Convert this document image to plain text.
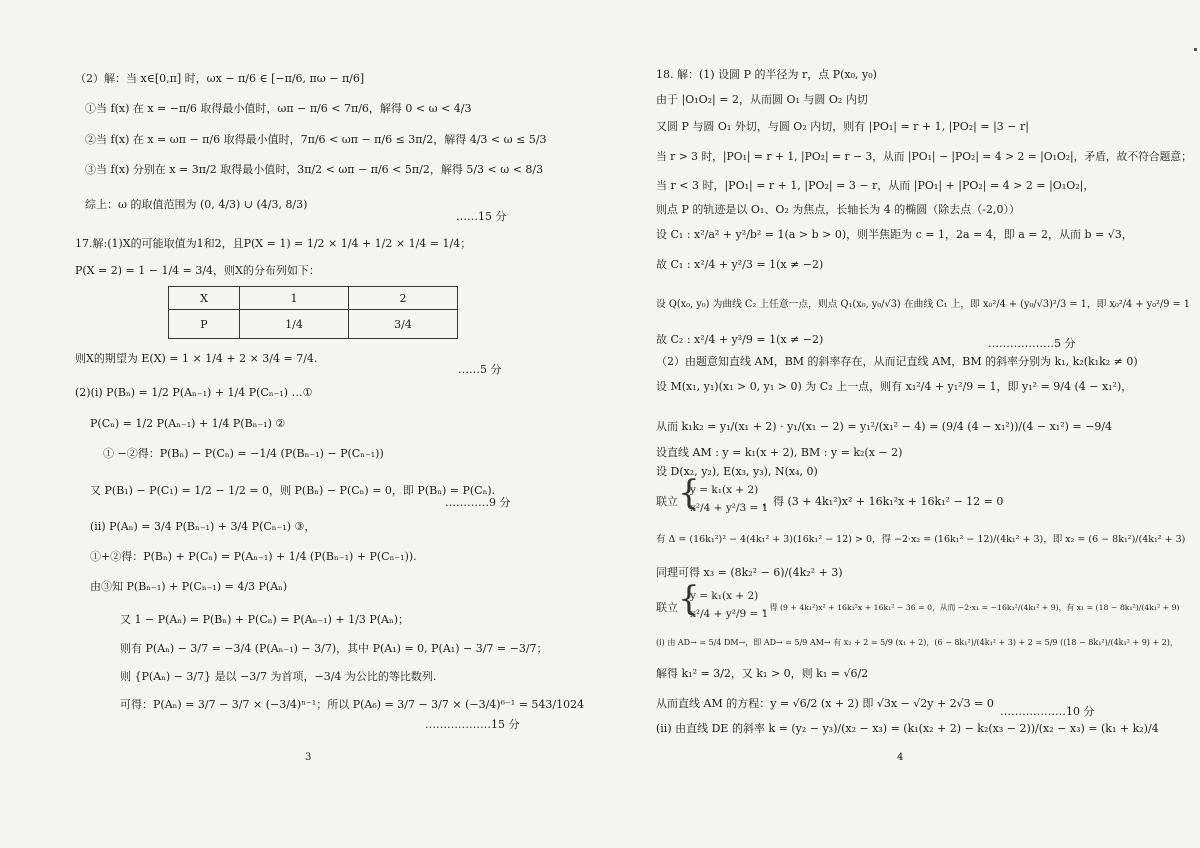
（2）解：当 x∈[0,π] 时，ωx − π/6 ∈ [−π/6, πω − π/6]
①当 f(x) 在 x = −π/6 取得最小值时，ωπ − π/6 < 7π/6，解得 0 < ω < 4/3
②当 f(x) 在 x = ωπ − π/6 取得最小值时，7π/6 < ωπ − π/6 ≤ 3π/2，解得 4/3 < ω ≤ 5/3
③当 f(x) 分别在 x = 3π/2 取得最小值时，3π/2 < ωπ − π/6 < 5π/2，解得 5/3 < ω < 8/3
综上：ω 的取值范围为 (0, 4/3) ∪ (4/3, 8/3)
……15 分
17.解:(1)X的可能取值为1和2，且P(X = 1) = 1/2 × 1/4 + 1/2 × 1/4 = 1/4；
P(X = 2) = 1 − 1/4 = 3/4，则X的分布列如下：
X	1	2
P	1/4	3/4
则X的期望为 E(X) = 1 × 1/4 + 2 × 3/4 = 7/4.
……5 分
(2)(i) P(Bₙ) = 1/2 P(Aₙ₋₁) + 1/4 P(Cₙ₋₁) …①
P(Cₙ) = 1/2 P(Aₙ₋₁) + 1/4 P(Bₙ₋₁) ②
① −②得：P(Bₙ) − P(Cₙ) = −1/4 (P(Bₙ₋₁) − P(Cₙ₋₁))
又 P(B₁) − P(C₁) = 1/2 − 1/2 = 0，则 P(Bₙ) − P(Cₙ) = 0，即 P(Bₙ) = P(Cₙ).
…………9 分
(ii) P(Aₙ) = 3/4 P(Bₙ₋₁) + 3/4 P(Cₙ₋₁) ③，
①+②得：P(Bₙ) + P(Cₙ) = P(Aₙ₋₁) + 1/4 (P(Bₙ₋₁) + P(Cₙ₋₁)).
由③知 P(Bₙ₋₁) + P(Cₙ₋₁) = 4/3 P(Aₙ)
又 1 − P(Aₙ) = P(Bₙ) + P(Cₙ) = P(Aₙ₋₁) + 1/3 P(Aₙ)；
则有 P(Aₙ) − 3/7 = −3/4 (P(Aₙ₋₁) − 3/7)，其中 P(A₁) = 0, P(A₁) − 3/7 = −3/7；
则 {P(Aₙ) − 3/7} 是以 −3/7 为首项，−3/4 为公比的等比数列.
可得：P(Aₙ) = 3/7 − 3/7 × (−3/4)ⁿ⁻¹；所以 P(A₆) = 3/7 − 3/7 × (−3/4)⁶⁻¹ = 543/1024
………………15 分
3
18. 解：(1) 设圆 P 的半径为 r，点 P(x₀, y₀)
由于 |O₁O₂| = 2，从而圆 O₁ 与圆 O₂ 内切
又圆 P 与圆 O₁ 外切，与圆 O₂ 内切，则有 |PO₁| = r + 1, |PO₂| = |3 − r|
当 r > 3 时，|PO₁| = r + 1, |PO₂| = r − 3，从而 |PO₁| − |PO₂| = 4 > 2 = |O₁O₂|，矛盾，故不符合题意；
当 r < 3 时，|PO₁| = r + 1, |PO₂| = 3 − r，从而 |PO₁| + |PO₂| = 4 > 2 = |O₁O₂|，
则点 P 的轨迹是以 O₁、O₂ 为焦点，长轴长为 4 的椭圆（除去点（-2,0））
设 C₁ : x²/a² + y²/b² = 1(a > b > 0)，则半焦距为 c = 1，2a = 4，即 a = 2，从而 b = √3，
故 C₁ : x²/4 + y²/3 = 1(x ≠ −2)
设 Q(x₀, y₀) 为曲线 C₂ 上任意一点，则点 Q₁(x₀, y₀/√3) 在曲线 C₁ 上，即 x₀²/4 + (y₀/√3)²/3 = 1，即 x₀²/4 + y₀²/9 = 1
故 C₂ : x²/4 + y²/9 = 1(x ≠ −2)	………………5 分
（2）由题意知直线 AM，BM 的斜率存在，从而记直线 AM，BM 的斜率分别为 k₁, k₂(k₁k₂ ≠ 0)
设 M(x₁, y₁)(x₁ > 0, y₁ > 0) 为 C₂ 上一点，则有 x₁²/4 + y₁²/9 = 1，即 y₁² = 9/4 (4 − x₁²)，
从而 k₁k₂ = y₁/(x₁ + 2) · y₁/(x₁ − 2) = y₁²/(x₁² − 4) = (9/4 (4 − x₁²))/(4 − x₁²) = −9/4
设直线 AM : y = k₁(x + 2), BM : y = k₂(x − 2)
设 D(x₂, y₂), E(x₃, y₃), N(x₄, 0)
联立 {
y = k₁(x + 2)
x²/4 + y²/3 = 1
，得 (3 + 4k₁²)x² + 16k₁²x + 16k₁² − 12 = 0
有 Δ = (16k₁²)² − 4(4k₁² + 3)(16k₁² − 12) > 0，得 −2·x₂ = (16k₁² − 12)/(4k₁² + 3)，即 x₂ = (6 − 8k₁²)/(4k₁² + 3)
同理可得 x₃ = (8k₂² − 6)/(4k₂² + 3)
联立 {
y = k₁(x + 2)
x²/4 + y²/9 = 1
，得 (9 + 4k₁²)x² + 16k₁²x + 16k₁² − 36 = 0，从而 −2·x₁ = −16k₁²/(4k₁² + 9)，有 x₁ = (18 − 8k₁²)/(4k₁² + 9)
(i) 由 AD→ = 5/4 DM→，即 AD→ = 5/9 AM→ 有 x₂ + 2 = 5/9 (x₁ + 2)，(6 − 8k₁²)/(4k₁² + 3) + 2 = 5/9 ((18 − 8k₁²)/(4k₁² + 9) + 2)，
解得 k₁² = 3/2，又 k₁ > 0，则 k₁ = √6/2
从而直线 AM 的方程：y = √6/2 (x + 2) 即 √3x − √2y + 2√3 = 0
………………10 分
(ii) 由直线 DE 的斜率 k = (y₂ − y₃)/(x₂ − x₃) = (k₁(x₂ + 2) − k₂(x₃ − 2))/(x₂ − x₃) = (k₁ + k₂)/4
4
